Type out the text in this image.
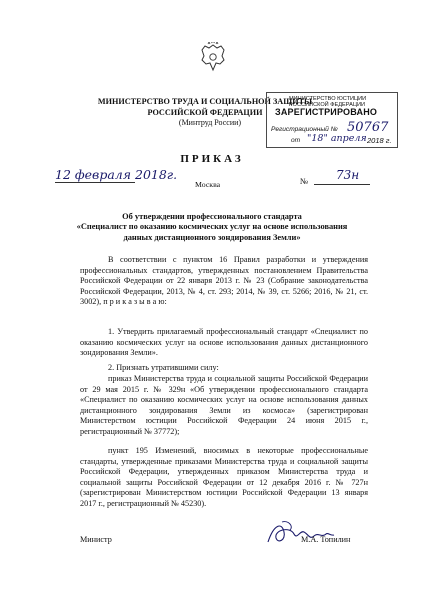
МИНИСТЕРСТВО ТРУДА И СОЦИАЛЬНОЙ ЗАЩИТЫ
РОССИЙСКОЙ ФЕДЕРАЦИИ
(Минтруд России)
МИНИСТЕРСТВО ЮСТИЦИИ РОССИЙСКОЙ ФЕДЕРАЦИИ
ЗАРЕГИСТРИРОВАНО
Регистрационный № 50767
от "18" апреля 2018 г.
ПРИКАЗ
12 февраля 2018г.
Москва	№ 73н
Об утверждении профессионального стандарта
«Специалист по оказанию космических услуг на основе использования
данных дистанционного зондирования Земли»
В соответствии с пунктом 16 Правил разработки и утверждения профессиональных стандартов, утвержденных постановлением Правительства Российской Федерации от 22 января 2013 г. № 23 (Собрание законодательства Российской Федерации, 2013, № 4, ст. 293; 2014, № 39, ст. 5266; 2016, № 21, ст. 3002), п р и к а з ы в а ю:
1. Утвердить прилагаемый профессиональный стандарт «Специалист по оказанию космических услуг на основе использования данных дистанционного зондирования Земли».
2. Признать утратившими силу:
приказ Министерства труда и социальной защиты Российской Федерации от 29 мая 2015 г. № 329н «Об утверждении профессионального стандарта «Специалист по оказанию космических услуг на основе использования данных дистанционного зондирования Земли из космоса» (зарегистрирован Министерством юстиции Российской Федерации 24 июня 2015 г., регистрационный № 37772);
пункт 195 Изменений, вносимых в некоторые профессиональные стандарты, утвержденные приказами Министерства труда и социальной защиты Российской Федерации, утвержденных приказом Министерства труда и социальной защиты Российской Федерации от 12 декабря 2016 г. № 727н (зарегистрирован Министерством юстиции Российской Федерации 13 января 2017 г., регистрационный № 45230).
Министр	М.А. Топилин
